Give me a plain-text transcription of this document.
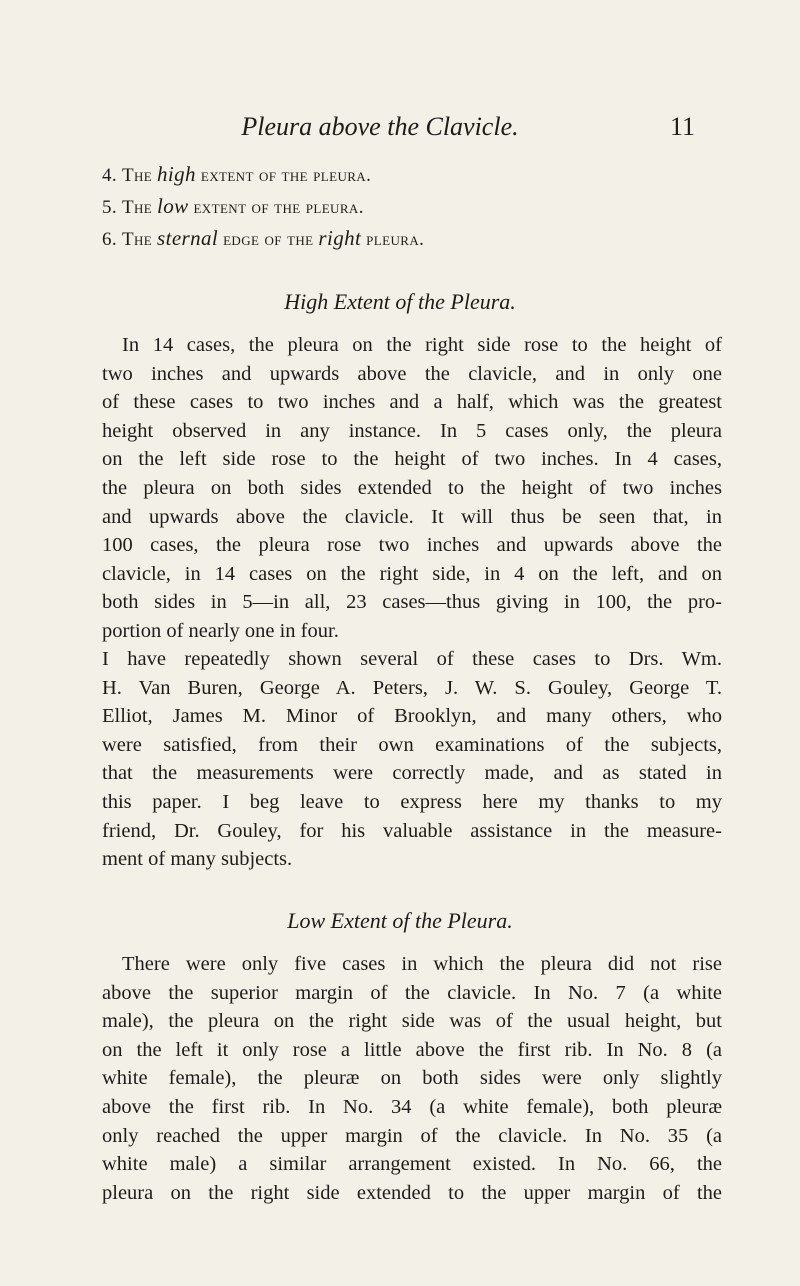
Pleura above the Clavicle.	11
4. The high extent of the pleura.
5. The low extent of the pleura.
6. The sternal edge of the right pleura.
High Extent of the Pleura.
In 14 cases, the pleura on the right side rose to the height of
two inches and upwards above the clavicle, and in only one
of these cases to two inches and a half, which was the greatest
height observed in any instance. In 5 cases only, the pleura
on the left side rose to the height of two inches. In 4 cases,
the pleura on both sides extended to the height of two inches
and upwards above the clavicle. It will thus be seen that, in
100 cases, the pleura rose two inches and upwards above the
clavicle, in 14 cases on the right side, in 4 on the left, and on
both sides in 5—in all, 23 cases—thus giving in 100, the pro-
portion of nearly one in four.
I have repeatedly shown several of these cases to Drs. Wm.
H. Van Buren, George A. Peters, J. W. S. Gouley, George T.
Elliot, James M. Minor of Brooklyn, and many others, who
were satisfied, from their own examinations of the subjects,
that the measurements were correctly made, and as stated in
this paper. I beg leave to express here my thanks to my
friend, Dr. Gouley, for his valuable assistance in the measure-
ment of many subjects.
Low Extent of the Pleura.
There were only five cases in which the pleura did not rise
above the superior margin of the clavicle. In No. 7 (a white
male), the pleura on the right side was of the usual height, but
on the left it only rose a little above the first rib. In No. 8 (a
white female), the pleuræ on both sides were only slightly
above the first rib. In No. 34 (a white female), both pleuræ
only reached the upper margin of the clavicle. In No. 35 (a
white male) a similar arrangement existed. In No. 66, the
pleura on the right side extended to the upper margin of the
